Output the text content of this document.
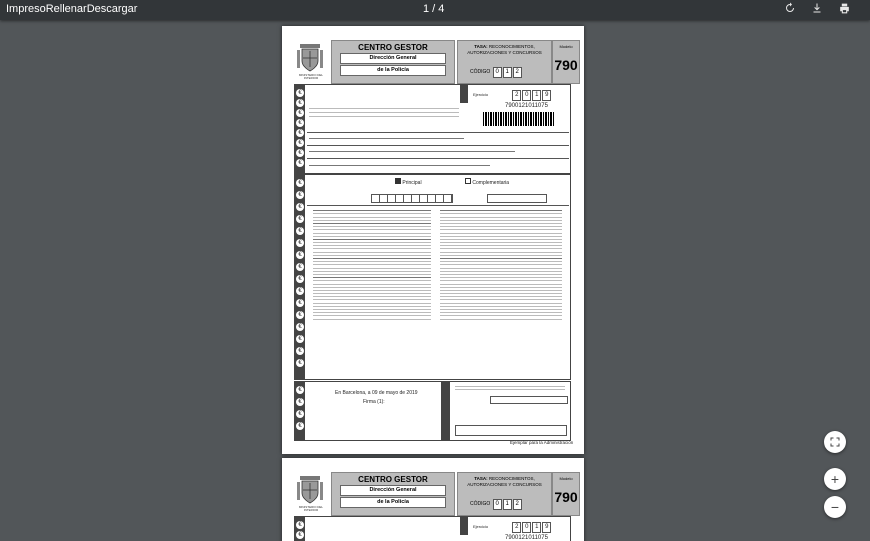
ImpresoRellenarDescargar	1 / 4
MINISTERIO DEL INTERIOR
CENTRO GESTOR
Dirección General
de la Policía
TASA: RECONOCIMIENTOS, AUTORIZACIONES Y CONCURSOS
CÓDIGO 0 1 2
Modelo
790
€
€
€
€
€
€
€
€
Ejercicio	2 0 1 9
7900121011075
€
€
€
€
€
€
€
€
€
€
€
€
€
€
€
€
Principal	Complementaria
€
€
€
€
En Barcelona, a 09 de mayo de 2019
Firma (1):
Ejemplar para la Administración
MINISTERIO DEL INTERIOR
CENTRO GESTOR
Dirección General
de la Policía
TASA: RECONOCIMIENTOS, AUTORIZACIONES Y CONCURSOS
CÓDIGO 0 1 2
Modelo
790
€
€
Ejercicio	2 0 1 9
7900121011075
+
−
